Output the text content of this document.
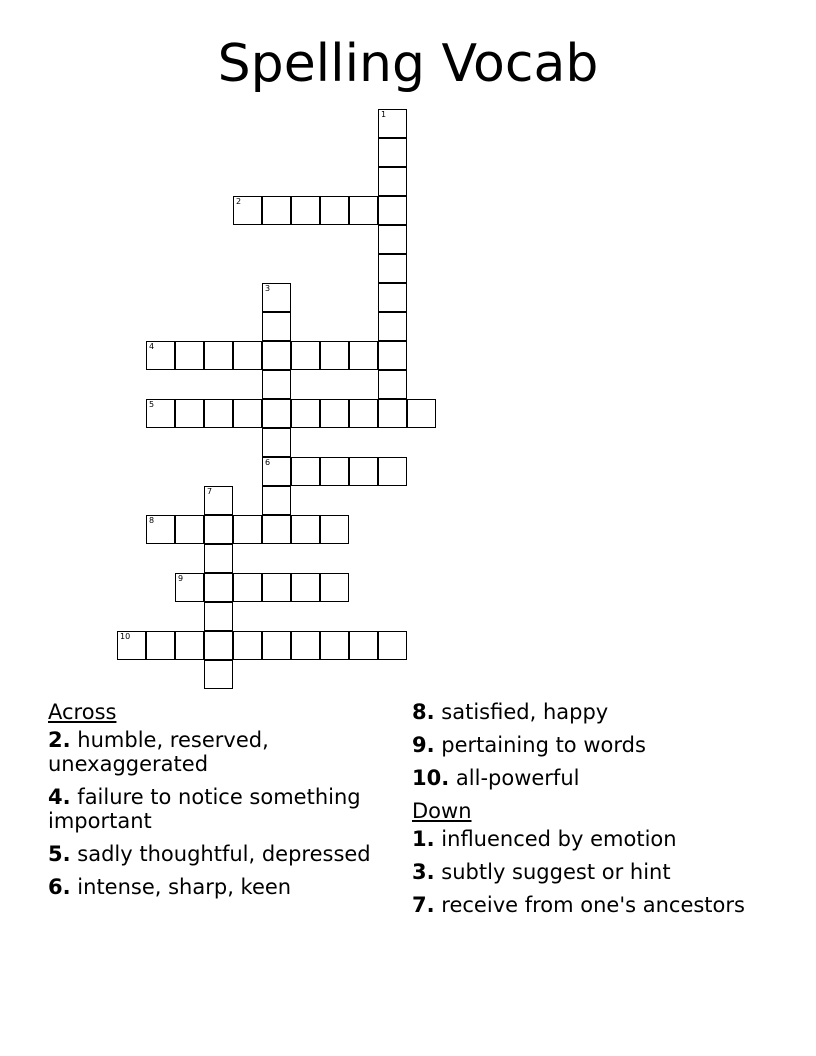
Spelling Vocab
1
2
3
6
4
5
7
8
9
10
Across
2. humble, reserved, unexaggerated
4. failure to notice something important
5. sadly thoughtful, depressed
6. intense, sharp, keen
8. satisfied, happy
9. pertaining to words
10. all-powerful
Down
1. influenced by emotion
3. subtly suggest or hint
7. receive from one's ancestors
